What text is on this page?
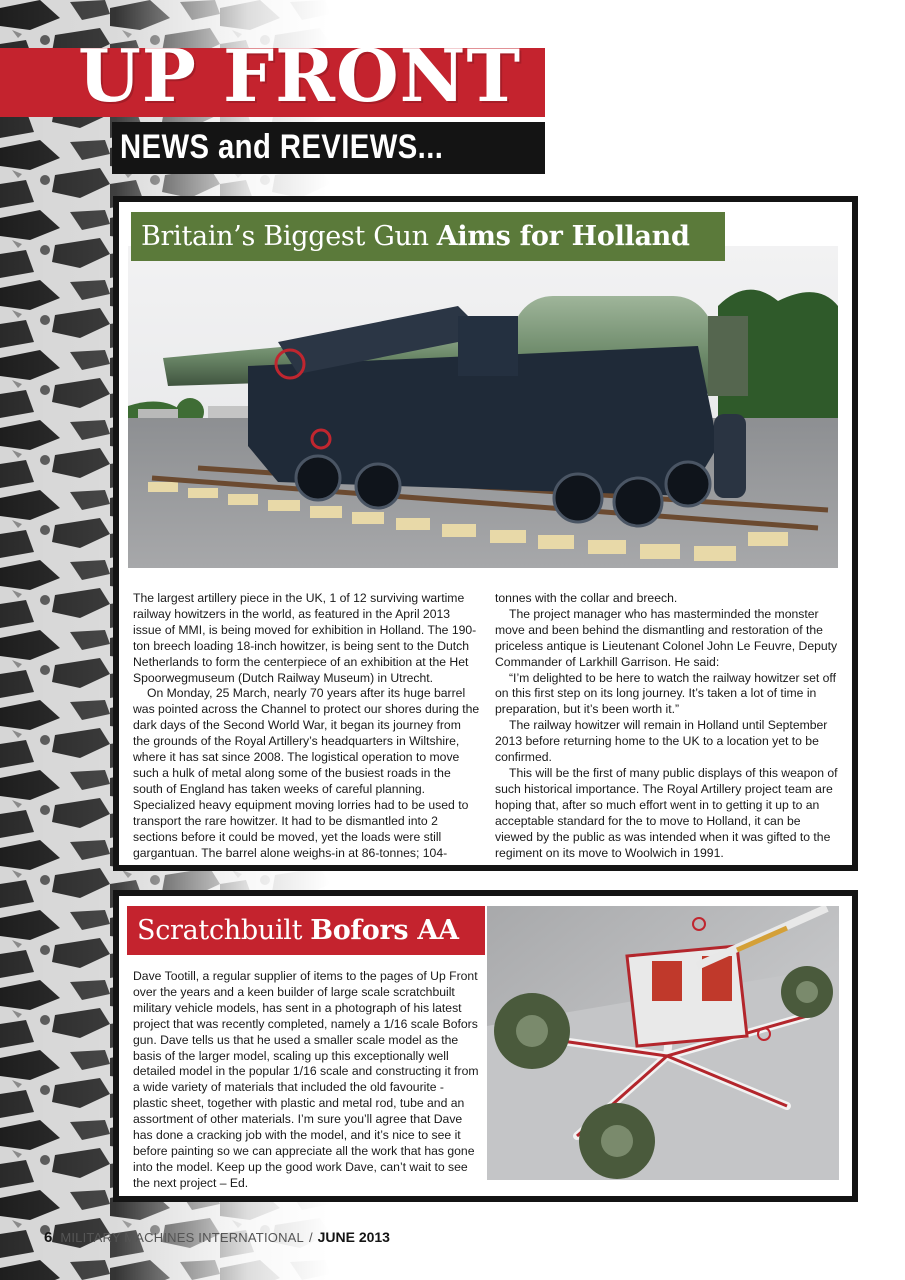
UP FRONT
NEWS and REVIEWS...
Britain’s Biggest Gun Aims for Holland

The largest artillery piece in the UK, 1 of 12 surviving wartime railway howitzers in the world, as featured in the April 2013 issue of MMI, is being moved for exhibition in Holland. The 190-ton breech loading 18-inch howitzer, is being sent to the Dutch Netherlands to form the centerpiece of an exhibition at the Het Spoorwegmuseum (Dutch Railway Museum) in Utrecht.

On Monday, 25 March, nearly 70 years after its huge barrel was pointed across the Channel to protect our shores during the dark days of the Second World War, it began its journey from the grounds of the Royal Artillery’s headquarters in Wiltshire, where it has sat since 2008. The logistical operation to move such a hulk of metal along some of the busiest roads in the south of England has taken weeks of careful planning. Specialized heavy equipment moving lorries had to be used to transport the rare howitzer. It had to be dismantled into 2 sections before it could be moved, yet the loads were still gargantuan. The barrel alone weighs-in at 86-tonnes; 104-

tonnes with the collar and breech.

The project manager who has masterminded the monster move and been behind the dismantling and restoration of the priceless antique is Lieutenant Colonel John Le Feuvre, Deputy Commander of Larkhill Garrison. He said:

“I’m delighted to be here to watch the railway howitzer set off on this first step on its long journey. It’s taken a lot of time in preparation, but it’s been worth it.”

The railway howitzer will remain in Holland until September 2013 before returning home to the UK to a location yet to be confirmed.

This will be the first of many public displays of this weapon of such historical importance. The Royal Artillery project team are hoping that, after so much effort went in to getting it up to an acceptable standard for the to move to Holland, it can be viewed by the public as was intended when it was gifted to the regiment on its move to Woolwich in 1991.

Scratchbuilt Bofors AA

Dave Tootill, a regular supplier of items to the pages of Up Front over the years and a keen builder of large scale scratchbuilt military vehicle models, has sent in a photograph of his latest project that was recently completed, namely a 1/16 scale Bofors gun. Dave tells us that he used a smaller scale model as the basis of the larger model, scaling up this exceptionally well detailed model in the popular 1/16 scale and constructing it from a wide variety of materials that included the old favourite - plastic sheet, together with plastic and metal rod, tube and an assortment of other materials. I’m sure you’ll agree that Dave has done a cracking job with the model, and it’s nice to see it before painting so we can appreciate all the work that has gone into the model. Keep up the good work Dave, can’t wait to see the next project – Ed.

6 MILITARY MACHINES INTERNATIONAL / JUNE 2013
